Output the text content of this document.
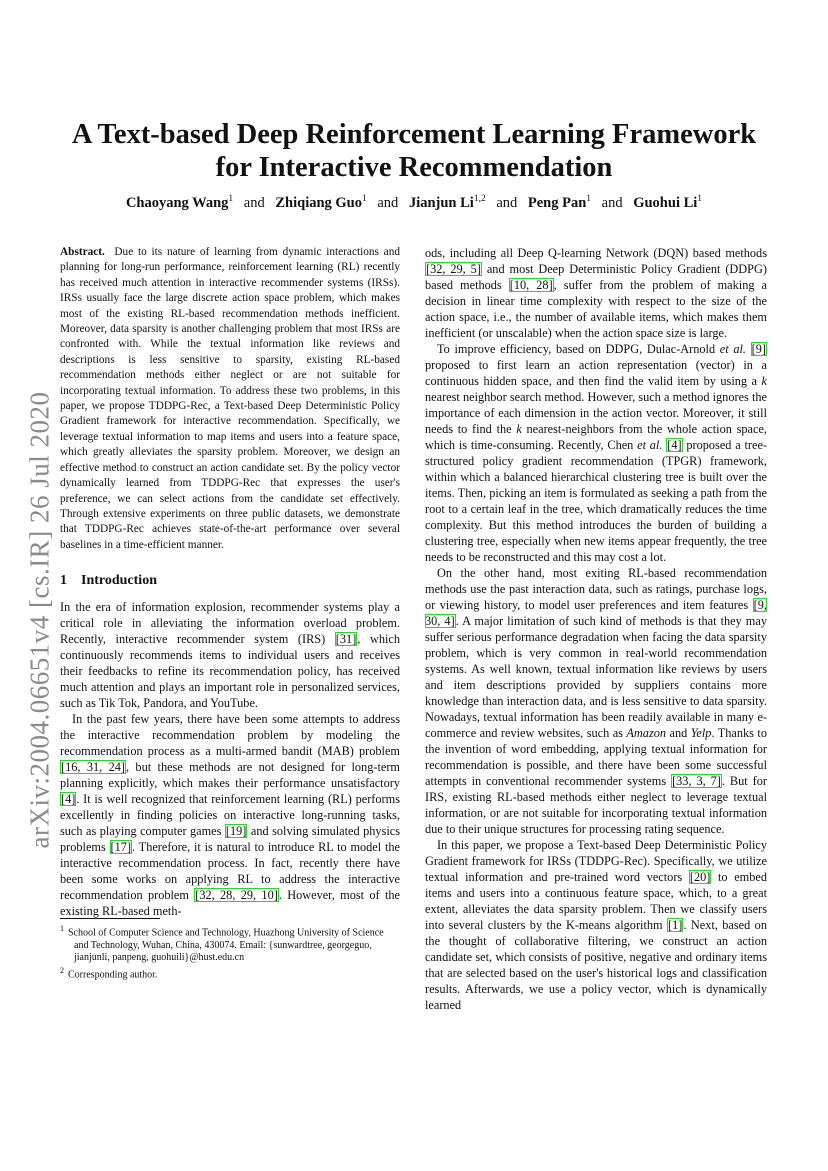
arXiv:2004.06651v4 [cs.IR] 26 Jul 2020
A Text-based Deep Reinforcement Learning Framework
for Interactive Recommendation

Chaoyang Wang$^1$ and Zhiqiang Guo$^1$ and Jianjun Li$^{1,2}$ and Peng Pan$^1$ and Guohui Li$^1$

Abstract. Due to its nature of learning from dynamic interactions and planning for long-run performance, reinforcement learning (RL) recently has received much attention in interactive recommender systems (IRSs). IRSs usually face the large discrete action space problem, which makes most of the existing RL-based recommendation methods inefficient. Moreover, data sparsity is another challenging problem that most IRSs are confronted with. While the textual information like reviews and descriptions is less sensitive to sparsity, existing RL-based recommendation methods either neglect or are not suitable for incorporating textual information. To address these two problems, in this paper, we propose TDDPG-Rec, a Text-based Deep Deterministic Policy Gradient framework for interactive recommendation. Specifically, we leverage textual information to map items and users into a feature space, which greatly alleviates the sparsity problem. Moreover, we design an effective method to construct an action candidate set. By the policy vector dynamically learned from TDDPG-Rec that expresses the user's preference, we can select actions from the candidate set effectively. Through extensive experiments on three public datasets, we demonstrate that TDDPG-Rec achieves state-of-the-art performance over several baselines in a time-efficient manner.

1 Introduction

In the era of information explosion, recommender systems play a critical role in alleviating the information overload problem. Recently, interactive recommender system (IRS) [31], which continuously recommends items to individual users and receives their feedbacks to refine its recommendation policy, has received much attention and plays an important role in personalized services, such as Tik Tok, Pandora, and YouTube.

In the past few years, there have been some attempts to address the interactive recommendation problem by modeling the recommendation process as a multi-armed bandit (MAB) problem [16, 31, 24], but these methods are not designed for long-term planning explicitly, which makes their performance unsatisfactory [4]. It is well recognized that reinforcement learning (RL) performs excellently in finding policies on interactive long-running tasks, such as playing computer games [19] and solving simulated physics problems [17]. Therefore, it is natural to introduce RL to model the interactive recommendation process. In fact, recently there have been some works on applying RL to address the interactive recommendation problem [32, 28, 29, 10]. However, most of the existing RL-based meth-

$^1$ School of Computer Science and Technology, Huazhong University of Science and Technology, Wuhan, China, 430074. Email: {sunwardtree, georgeguo, jianjunli, panpeng, guohuili}@hust.edu.cn

$^2$ Corresponding author.

ods, including all Deep Q-learning Network (DQN) based methods [32, 29, 5] and most Deep Deterministic Policy Gradient (DDPG) based methods [10, 28], suffer from the problem of making a decision in linear time complexity with respect to the size of the action space, i.e., the number of available items, which makes them inefficient (or unscalable) when the action space size is large.

To improve efficiency, based on DDPG, Dulac-Arnold et al. [9] proposed to first learn an action representation (vector) in a continuous hidden space, and then find the valid item by using a k nearest neighbor search method. However, such a method ignores the importance of each dimension in the action vector. Moreover, it still needs to find the k nearest-neighbors from the whole action space, which is time-consuming. Recently, Chen et al. [4] proposed a tree-structured policy gradient recommendation (TPGR) framework, within which a balanced hierarchical clustering tree is built over the items. Then, picking an item is formulated as seeking a path from the root to a certain leaf in the tree, which dramatically reduces the time complexity. But this method introduces the burden of building a clustering tree, especially when new items appear frequently, the tree needs to be reconstructed and this may cost a lot.

On the other hand, most exiting RL-based recommendation methods use the past interaction data, such as ratings, purchase logs, or viewing history, to model user preferences and item features [9, 30, 4]. A major limitation of such kind of methods is that they may suffer serious performance degradation when facing the data sparsity problem, which is very common in real-world recommendation systems. As well known, textual information like reviews by users and item descriptions provided by suppliers contains more knowledge than interaction data, and is less sensitive to data sparsity. Nowadays, textual information has been readily available in many e-commerce and review websites, such as Amazon and Yelp. Thanks to the invention of word embedding, applying textual information for recommendation is possible, and there have been some successful attempts in conventional recommender systems [33, 3, 7]. But for IRS, existing RL-based methods either neglect to leverage textual information, or are not suitable for incorporating textual information due to their unique structures for processing rating sequence.

In this paper, we propose a Text-based Deep Deterministic Policy Gradient framework for IRSs (TDDPG-Rec). Specifically, we utilize textual information and pre-trained word vectors [20] to embed items and users into a continuous feature space, which, to a great extent, alleviates the data sparsity problem. Then we classify users into several clusters by the K-means algorithm [1]. Next, based on the thought of collaborative filtering, we construct an action candidate set, which consists of positive, negative and ordinary items that are selected based on the user's historical logs and classification results. Afterwards, we use a policy vector, which is dynamically learned
